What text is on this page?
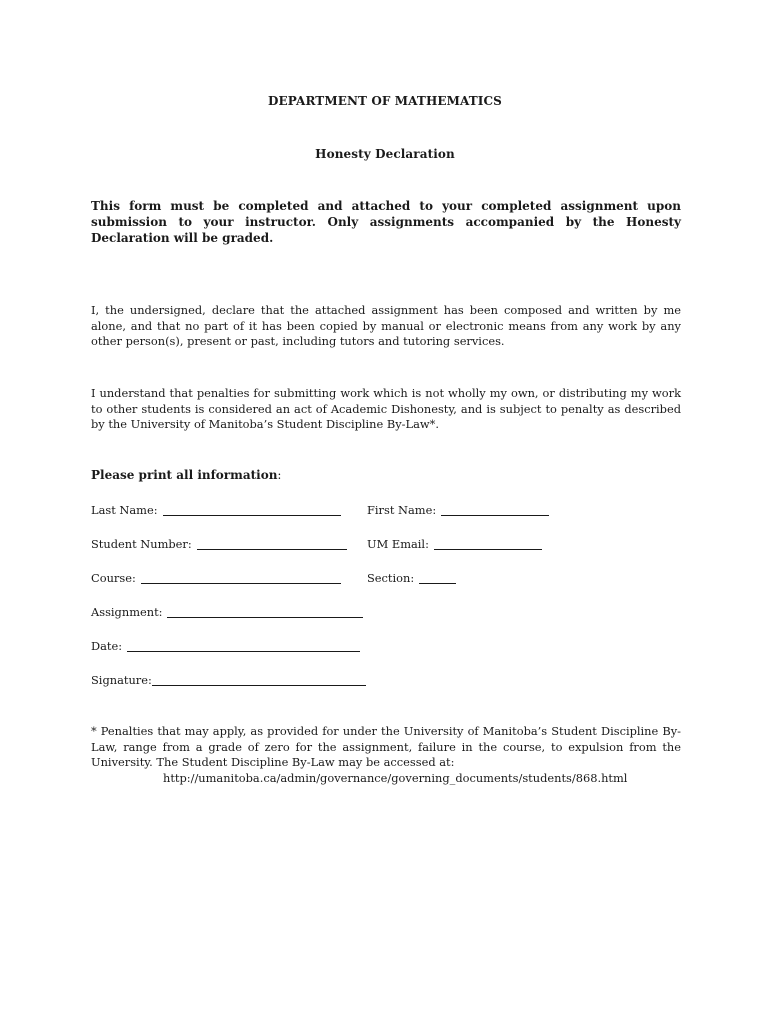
DEPARTMENT OF MATHEMATICS
Honesty Declaration
This form must be completed and attached to your completed assignment upon submission to your instructor. Only assignments accompanied by the Honesty Declaration will be graded.
I, the undersigned, declare that the attached assignment has been composed and written by me alone, and that no part of it has been copied by manual or electronic means from any work by any other person(s), present or past, including tutors and tutoring services.
I understand that penalties for submitting work which is not wholly my own, or distributing my work to other students is considered an act of Academic Dishonesty, and is subject to penalty as described by the University of Manitoba’s Student Discipline By-Law*.
Please print all information:
Last Name:	First Name:
Student Number:	UM Email:
Course:	Section:
Assignment:
Date:
Signature:
* Penalties that may apply, as provided for under the University of Manitoba’s Student Discipline By-Law, range from a grade of zero for the assignment, failure in the course, to expulsion from the University. The Student Discipline By-Law may be accessed at:
http://umanitoba.ca/admin/governance/governing_documents/students/868.html
